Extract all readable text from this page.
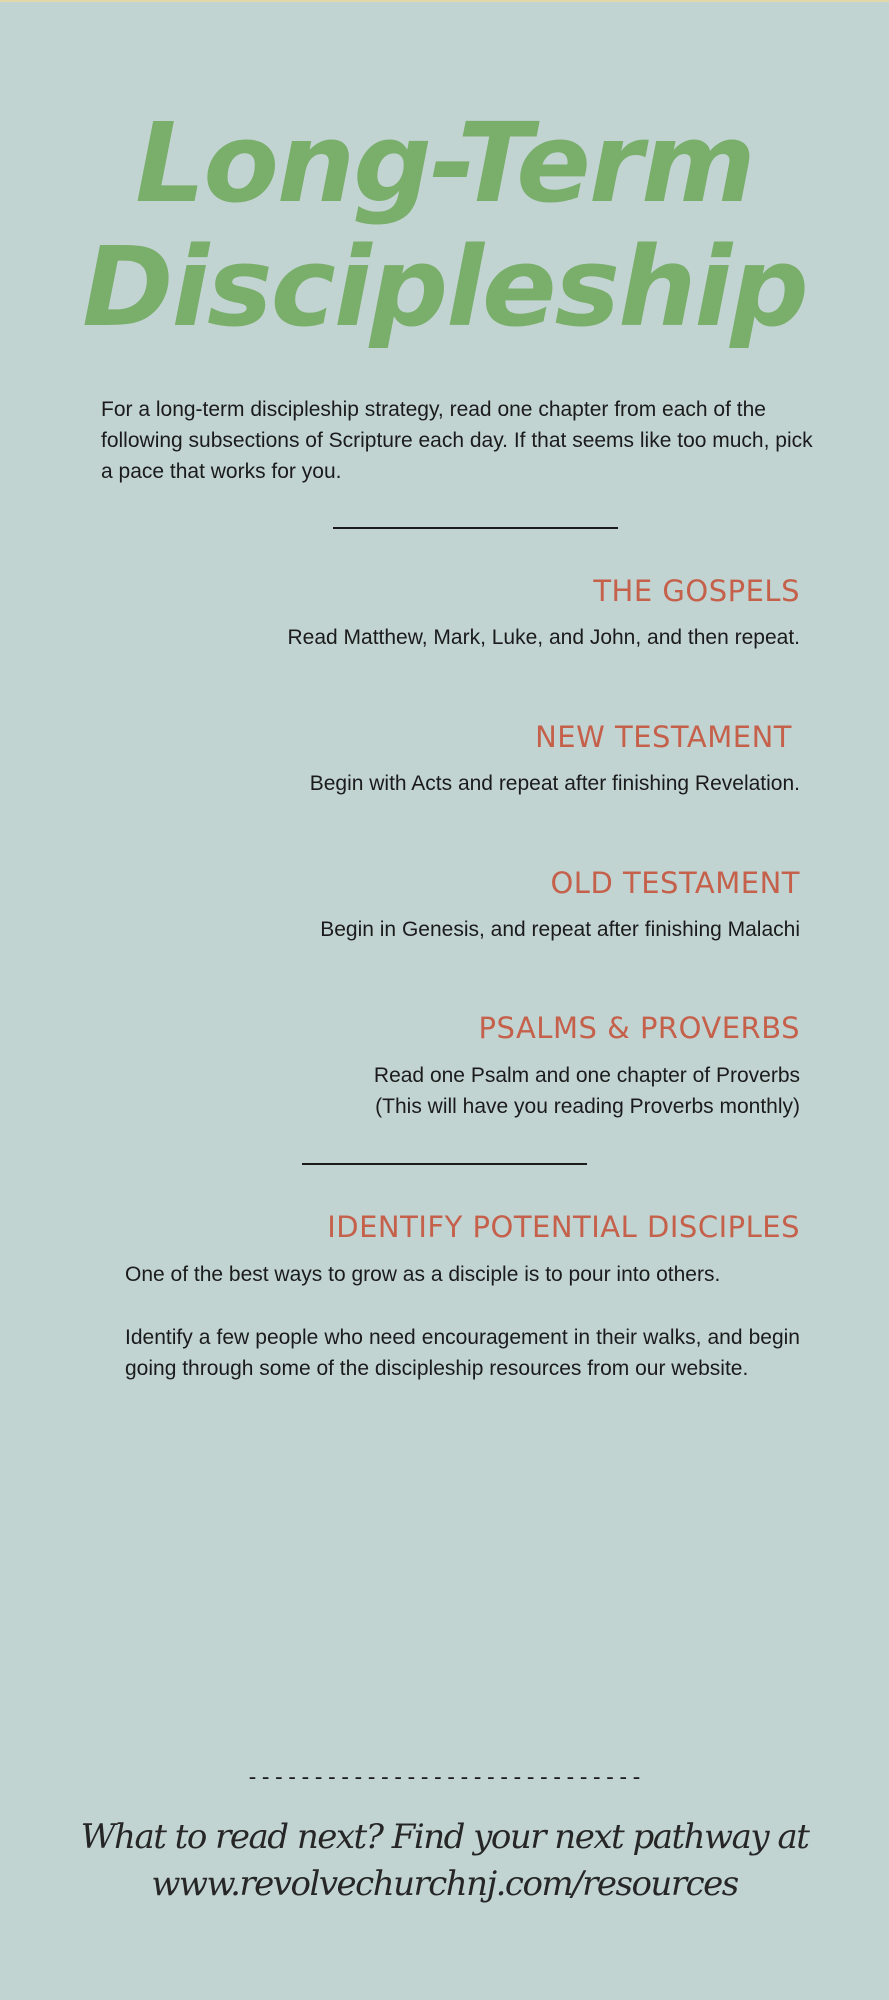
Long-Term
Discipleship

For a long-term discipleship strategy, read one chapter from each of the following subsections of Scripture each day. If that seems like too much, pick a pace that works for you.

THE GOSPELS

Read Matthew, Mark, Luke, and John, and then repeat.

NEW TESTAMENT

Begin with Acts and repeat after finishing Revelation.

OLD TESTAMENT

Begin in Genesis, and repeat after finishing Malachi

PSALMS & PROVERBS
Read one Psalm and one chapter of Proverbs
(This will have you reading Proverbs monthly)
IDENTIFY POTENTIAL DISCIPLES

One of the best ways to grow as a disciple is to pour into others.

Identify a few people who need encouragement in their walks, and begin going through some of the discipleship resources from our website.

------------------------------

What to read next? Find your next pathway at

www.revolvechurchnj.com/resources
